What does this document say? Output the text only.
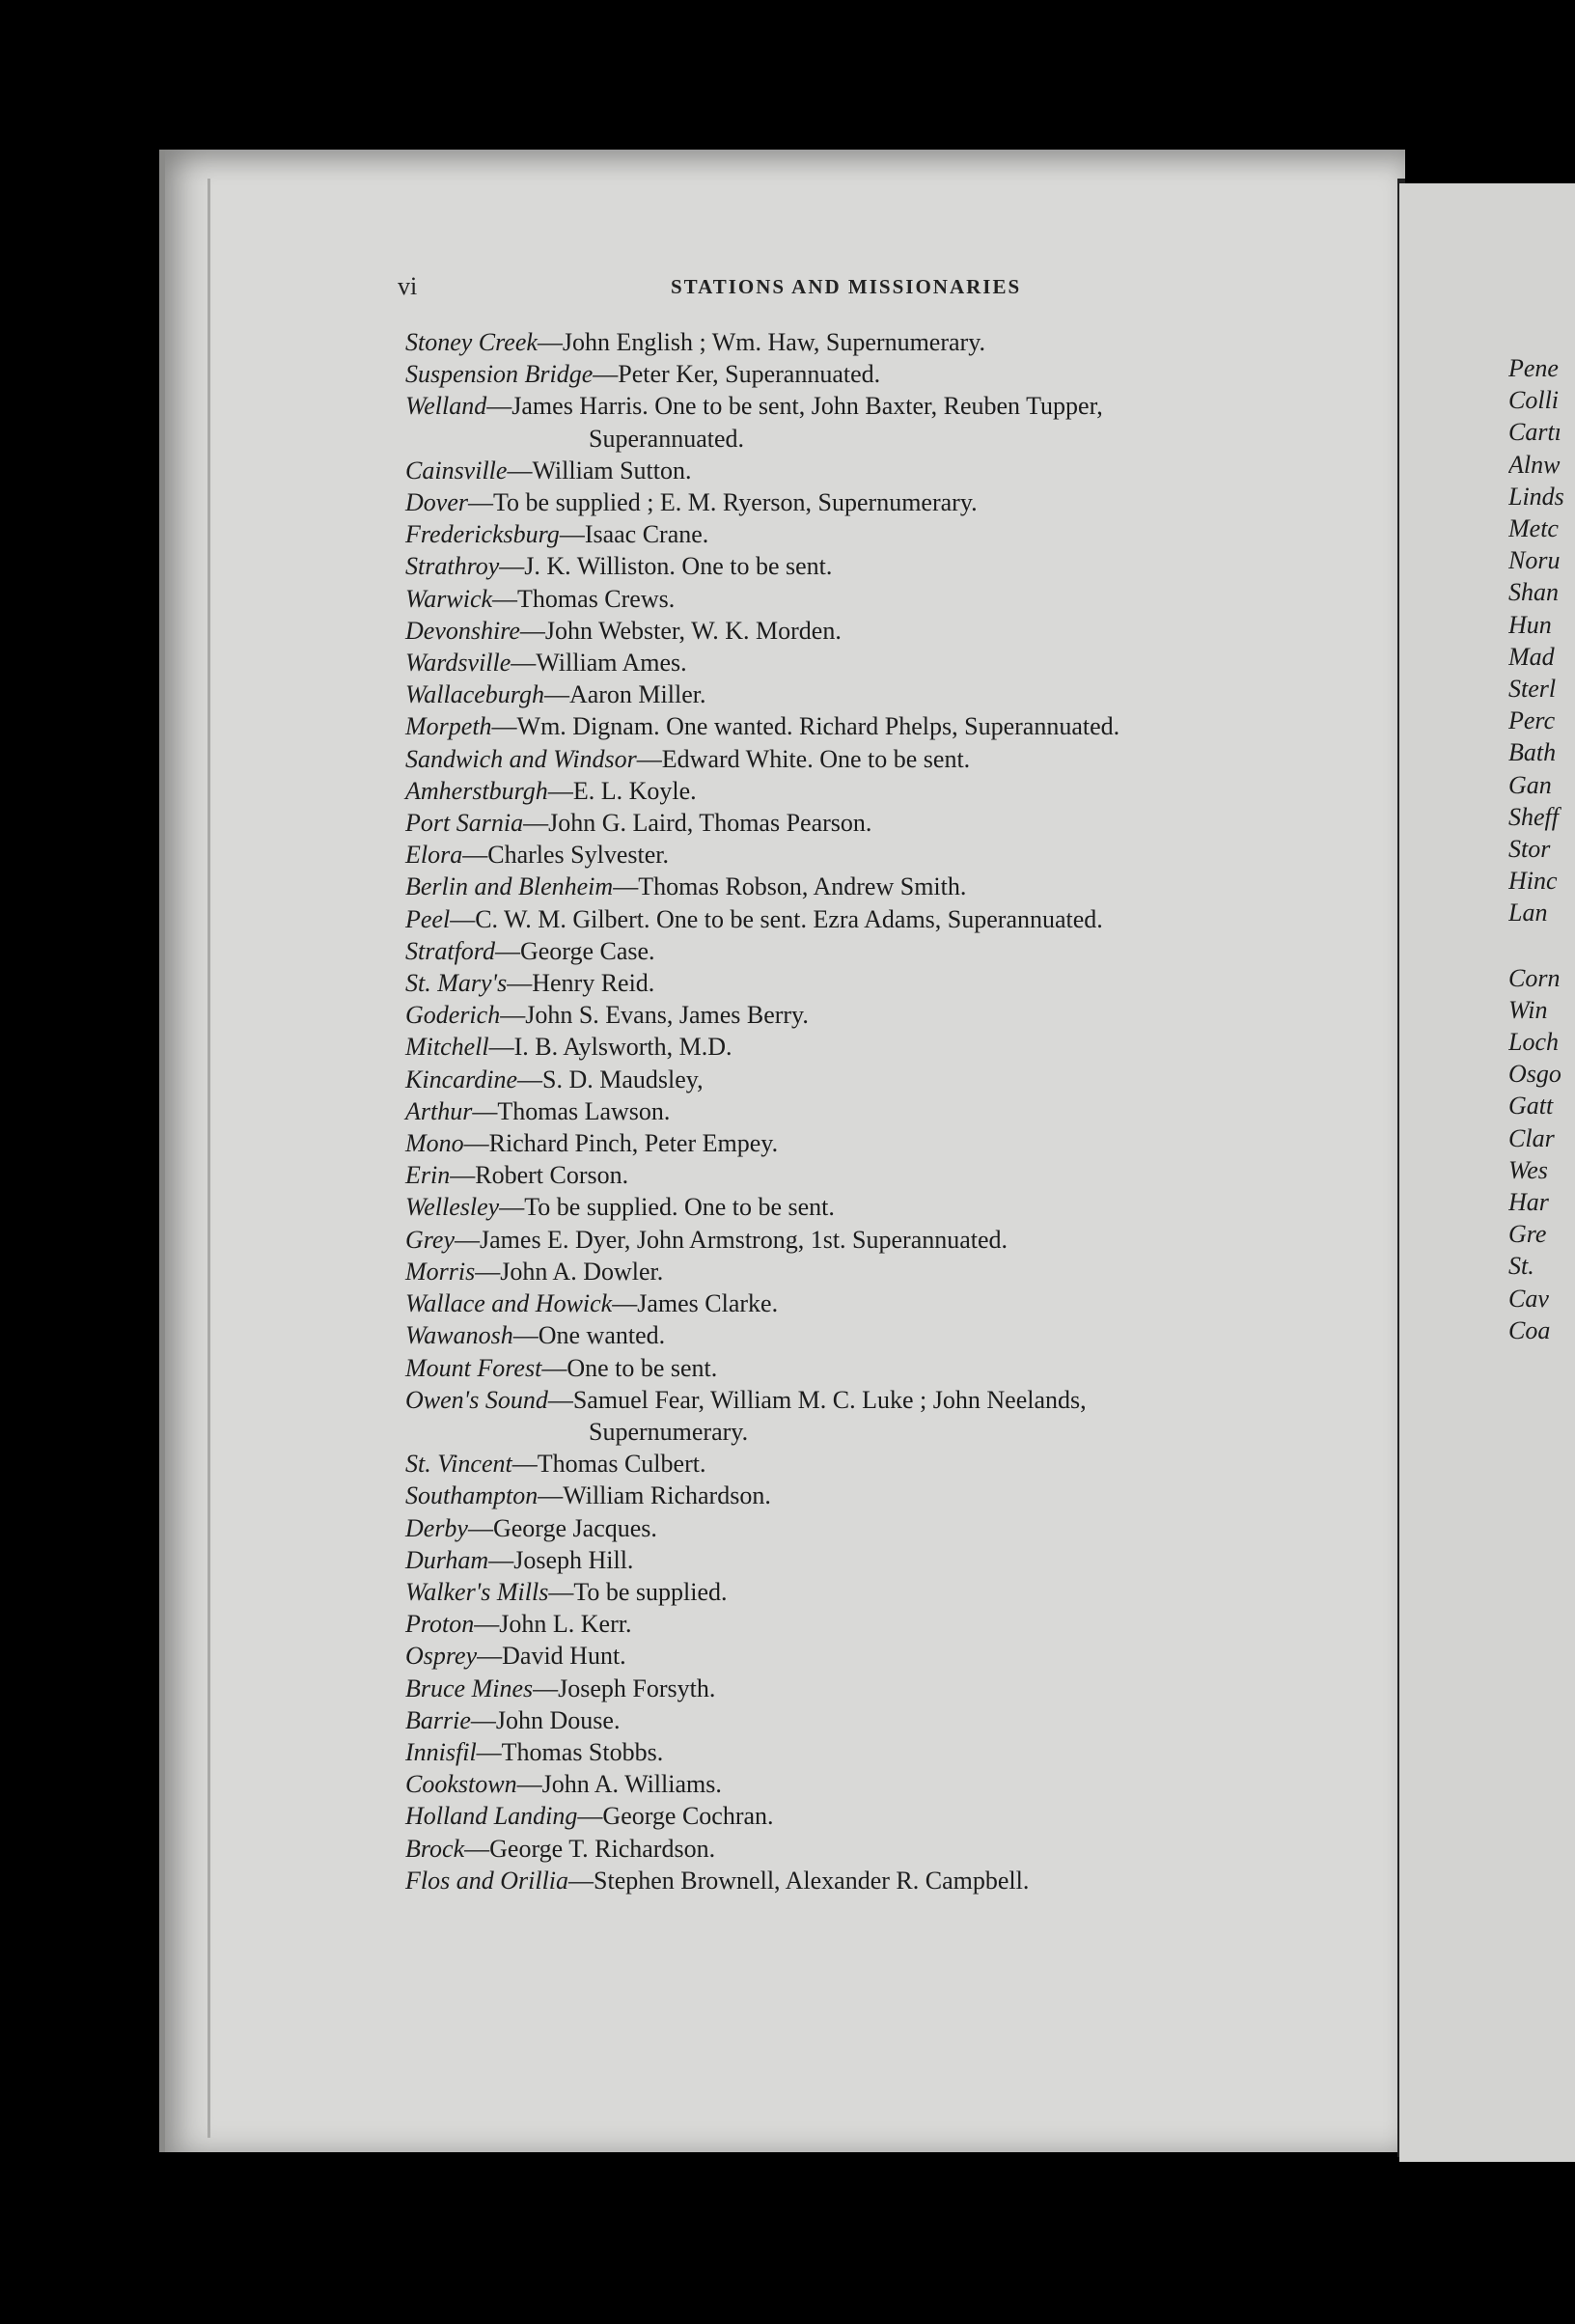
vi	STATIONS AND MISSIONARIES
Stoney Creek—John English ; Wm. Haw, Supernumerary.
Suspension Bridge—Peter Ker, Superannuated.
Welland—James Harris. One to be sent, John Baxter, Reuben Tupper,
Superannuated.
Cainsville—William Sutton.
Dover—To be supplied ; E. M. Ryerson, Supernumerary.
Fredericksburg—Isaac Crane.
Strathroy—J. K. Williston. One to be sent.
Warwick—Thomas Crews.
Devonshire—John Webster, W. K. Morden.
Wardsville—William Ames.
Wallaceburgh—Aaron Miller.
Morpeth—Wm. Dignam. One wanted. Richard Phelps, Superannuated.
Sandwich and Windsor—Edward White. One to be sent.
Amherstburgh—E. L. Koyle.
Port Sarnia—John G. Laird, Thomas Pearson.
Elora—Charles Sylvester.
Berlin and Blenheim—Thomas Robson, Andrew Smith.
Peel—C. W. M. Gilbert. One to be sent. Ezra Adams, Superannuated.
Stratford—George Case.
St. Mary's—Henry Reid.
Goderich—John S. Evans, James Berry.
Mitchell—I. B. Aylsworth, M.D.
Kincardine—S. D. Maudsley,
Arthur—Thomas Lawson.
Mono—Richard Pinch, Peter Empey.
Erin—Robert Corson.
Wellesley—To be supplied. One to be sent.
Grey—James E. Dyer, John Armstrong, 1st. Superannuated.
Morris—John A. Dowler.
Wallace and Howick—James Clarke.
Wawanosh—One wanted.
Mount Forest—One to be sent.
Owen's Sound—Samuel Fear, William M. C. Luke ; John Neelands,
Supernumerary.
St. Vincent—Thomas Culbert.
Southampton—William Richardson.
Derby—George Jacques.
Durham—Joseph Hill.
Walker's Mills—To be supplied.
Proton—John L. Kerr.
Osprey—David Hunt.
Bruce Mines—Joseph Forsyth.
Barrie—John Douse.
Innisfil—Thomas Stobbs.
Cookstown—John A. Williams.
Holland Landing—George Cochran.
Brock—George T. Richardson.
Flos and Orillia—Stephen Brownell, Alexander R. Campbell.
Pene
Colli
Cartı
Alnw
Linds
Metc
Noru
Shan
Hun
Mad
Sterl
Perc
Bath
Gan
Sheff
Stor
Hinc
Lan
Corn
Win
Loch
Osgo
Gatt
Clar
Wes
Har
Gre
St.
Cav
Coa
